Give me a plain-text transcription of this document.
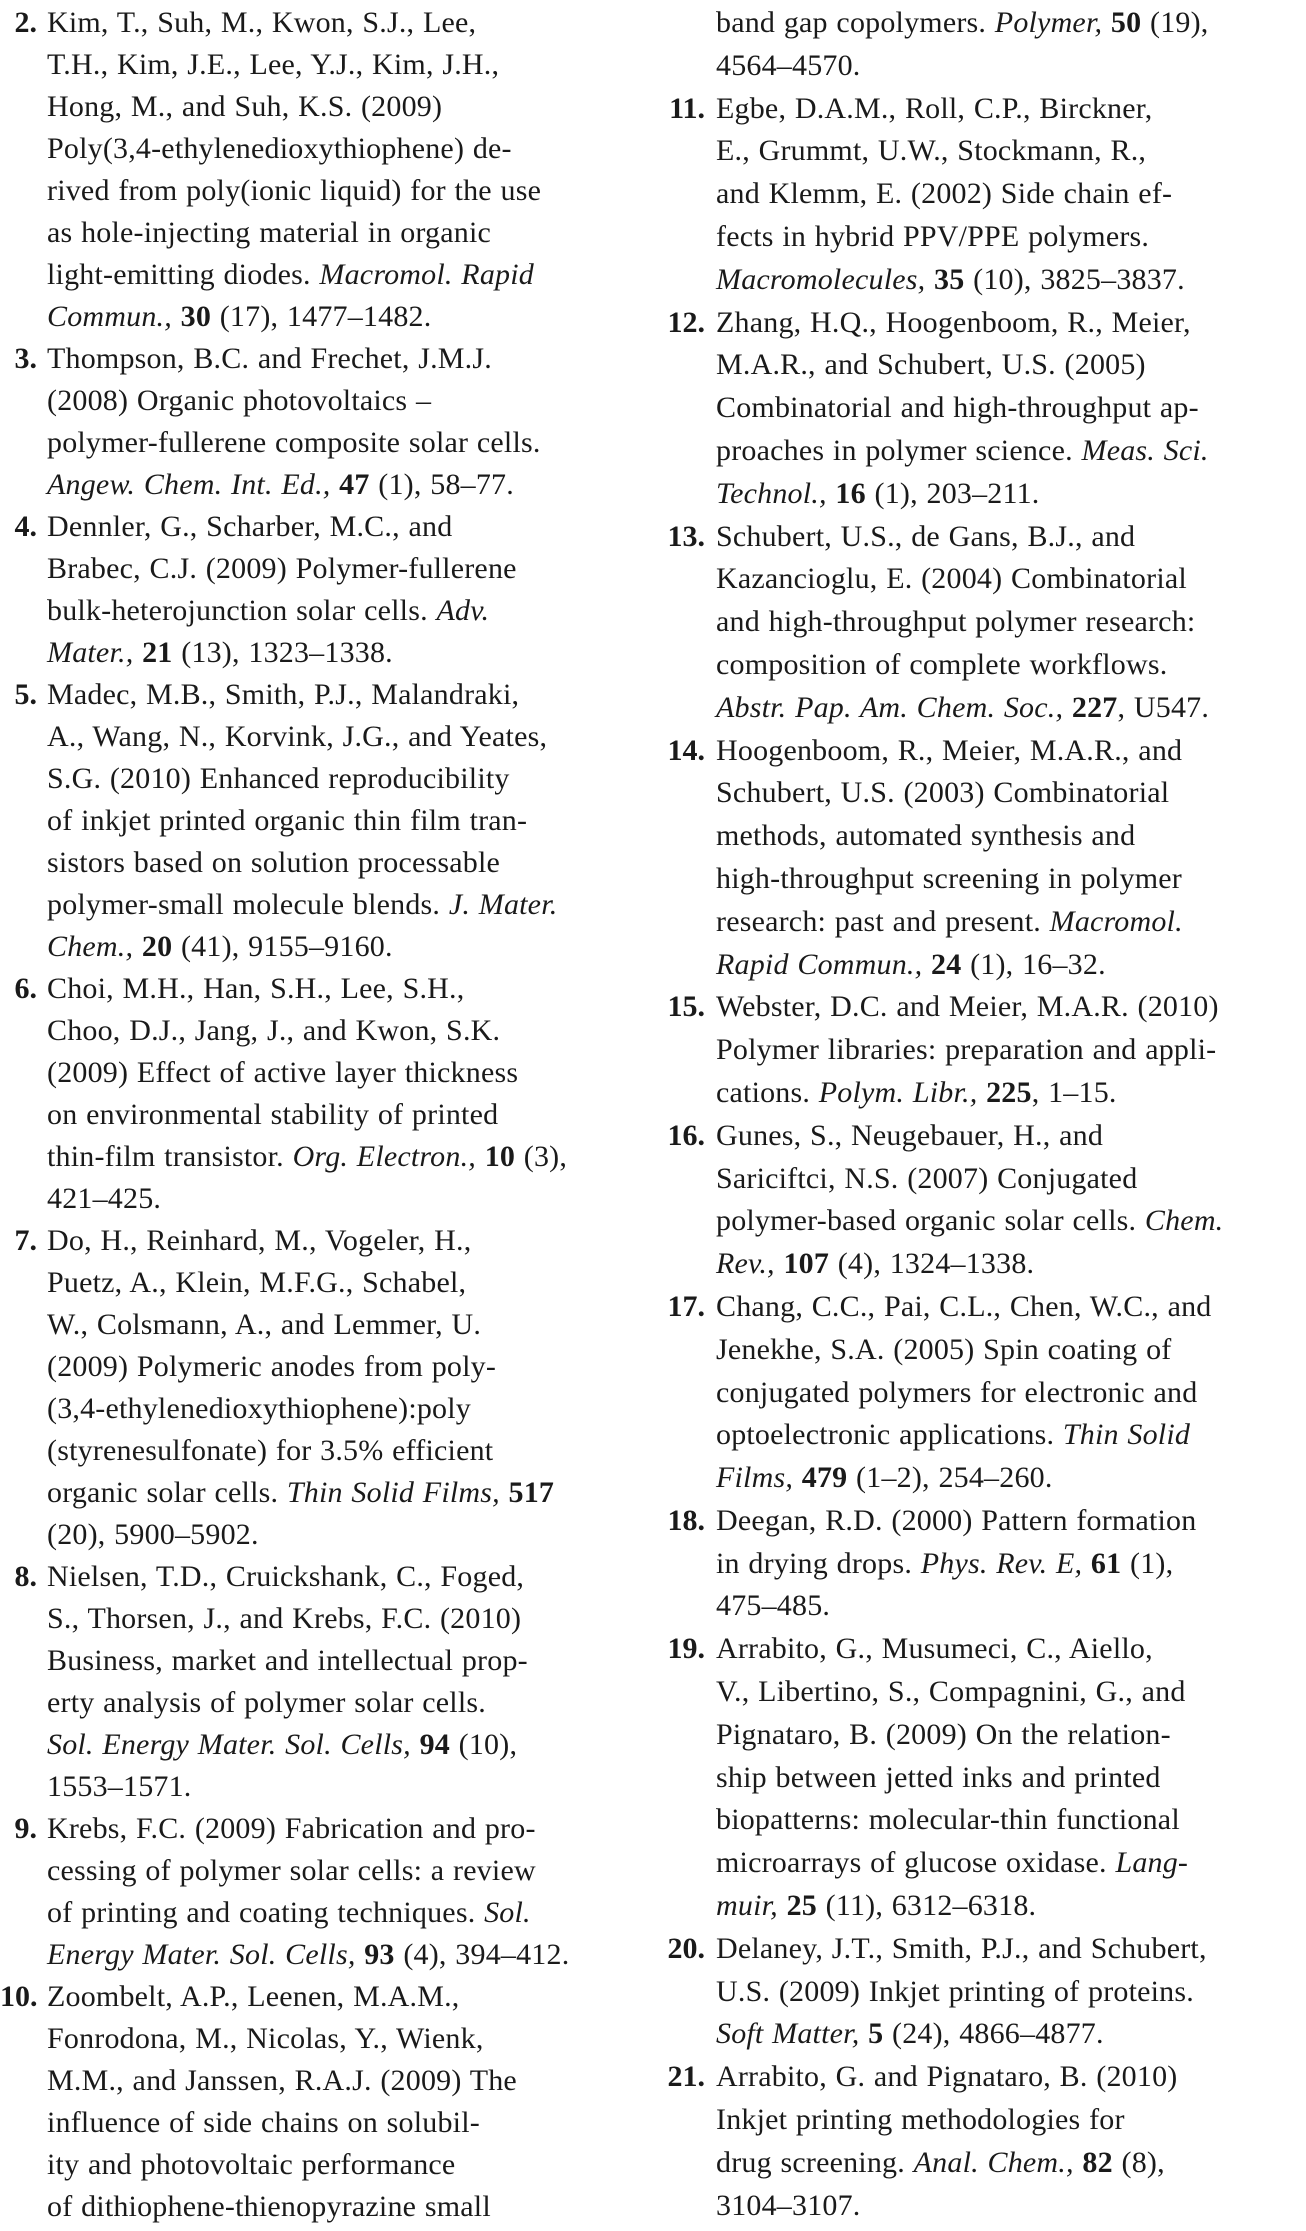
2. Kim, T., Suh, M., Kwon, S.J., Lee,
T.H., Kim, J.E., Lee, Y.J., Kim, J.H.,
Hong, M., and Suh, K.S. (2009)
Poly(3,4-ethylenedioxythiophene) de-
rived from poly(ionic liquid) for the use
as hole-injecting material in organic
light-emitting diodes. Macromol. Rapid
Commun., 30 (17), 1477–1482.
3. Thompson, B.C. and Frechet, J.M.J.
(2008) Organic photovoltaics –
polymer-fullerene composite solar cells.
Angew. Chem. Int. Ed., 47 (1), 58–77.
4. Dennler, G., Scharber, M.C., and
Brabec, C.J. (2009) Polymer-fullerene
bulk-heterojunction solar cells. Adv.
Mater., 21 (13), 1323–1338.
5. Madec, M.B., Smith, P.J., Malandraki,
A., Wang, N., Korvink, J.G., and Yeates,
S.G. (2010) Enhanced reproducibility
of inkjet printed organic thin film tran-
sistors based on solution processable
polymer-small molecule blends. J. Mater.
Chem., 20 (41), 9155–9160.
6. Choi, M.H., Han, S.H., Lee, S.H.,
Choo, D.J., Jang, J., and Kwon, S.K.
(2009) Effect of active layer thickness
on environmental stability of printed
thin-film transistor. Org. Electron., 10 (3),
421–425.
7. Do, H., Reinhard, M., Vogeler, H.,
Puetz, A., Klein, M.F.G., Schabel,
W., Colsmann, A., and Lemmer, U.
(2009) Polymeric anodes from poly-
(3,4-ethylenedioxythiophene):poly
(styrenesulfonate) for 3.5% efficient
organic solar cells. Thin Solid Films, 517
(20), 5900–5902.
8. Nielsen, T.D., Cruickshank, C., Foged,
S., Thorsen, J., and Krebs, F.C. (2010)
Business, market and intellectual prop-
erty analysis of polymer solar cells.
Sol. Energy Mater. Sol. Cells, 94 (10),
1553–1571.
9. Krebs, F.C. (2009) Fabrication and pro-
cessing of polymer solar cells: a review
of printing and coating techniques. Sol.
Energy Mater. Sol. Cells, 93 (4), 394–412.
10. Zoombelt, A.P., Leenen, M.A.M.,
Fonrodona, M., Nicolas, Y., Wienk,
M.M., and Janssen, R.A.J. (2009) The
influence of side chains on solubil-
ity and photovoltaic performance
of dithiophene-thienopyrazine small
band gap copolymers. Polymer, 50 (19),
4564–4570.
11. Egbe, D.A.M., Roll, C.P., Birckner,
E., Grummt, U.W., Stockmann, R.,
and Klemm, E. (2002) Side chain ef-
fects in hybrid PPV/PPE polymers.
Macromolecules, 35 (10), 3825–3837.
12. Zhang, H.Q., Hoogenboom, R., Meier,
M.A.R., and Schubert, U.S. (2005)
Combinatorial and high-throughput ap-
proaches in polymer science. Meas. Sci.
Technol., 16 (1), 203–211.
13. Schubert, U.S., de Gans, B.J., and
Kazancioglu, E. (2004) Combinatorial
and high-throughput polymer research:
composition of complete workflows.
Abstr. Pap. Am. Chem. Soc., 227, U547.
14. Hoogenboom, R., Meier, M.A.R., and
Schubert, U.S. (2003) Combinatorial
methods, automated synthesis and
high-throughput screening in polymer
research: past and present. Macromol.
Rapid Commun., 24 (1), 16–32.
15. Webster, D.C. and Meier, M.A.R. (2010)
Polymer libraries: preparation and appli-
cations. Polym. Libr., 225, 1–15.
16. Gunes, S., Neugebauer, H., and
Sariciftci, N.S. (2007) Conjugated
polymer-based organic solar cells. Chem.
Rev., 107 (4), 1324–1338.
17. Chang, C.C., Pai, C.L., Chen, W.C., and
Jenekhe, S.A. (2005) Spin coating of
conjugated polymers for electronic and
optoelectronic applications. Thin Solid
Films, 479 (1–2), 254–260.
18. Deegan, R.D. (2000) Pattern formation
in drying drops. Phys. Rev. E, 61 (1),
475–485.
19. Arrabito, G., Musumeci, C., Aiello,
V., Libertino, S., Compagnini, G., and
Pignataro, B. (2009) On the relation-
ship between jetted inks and printed
biopatterns: molecular-thin functional
microarrays of glucose oxidase. Lang-
muir, 25 (11), 6312–6318.
20. Delaney, J.T., Smith, P.J., and Schubert,
U.S. (2009) Inkjet printing of proteins.
Soft Matter, 5 (24), 4866–4877.
21. Arrabito, G. and Pignataro, B. (2010)
Inkjet printing methodologies for
drug screening. Anal. Chem., 82 (8),
3104–3107.
